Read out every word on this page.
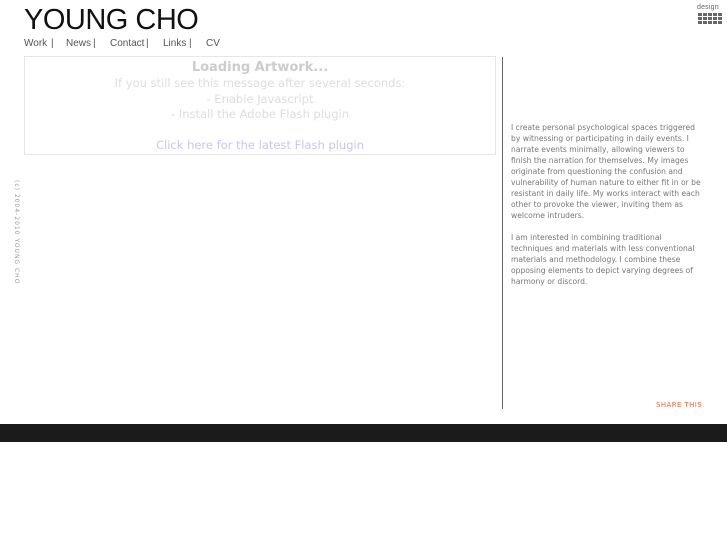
YOUNG CHO
Work | News | Contact | Links | CV
design
(c) 2004-2010 YOUNG CHO
Loading Artwork...
If you still see this message after several seconds:
- Enable Javascript
- Install the Adobe Flash plugin
Click here for the latest Flash plugin

I create personal psychological spaces triggered by witnessing or participating in daily events. I narrate events minimally, allowing viewers to finish the narration for themselves. My images originate from questioning the confusion and vulnerability of human nature to either fit in or be resistant in daily life. My works interact with each other to provoke the viewer, inviting them as welcome intruders.

I am interested in combining traditional techniques and materials with less conventional materials and methodology. I combine these opposing elements to depict varying degrees of harmony or discord.

SHARE THIS
